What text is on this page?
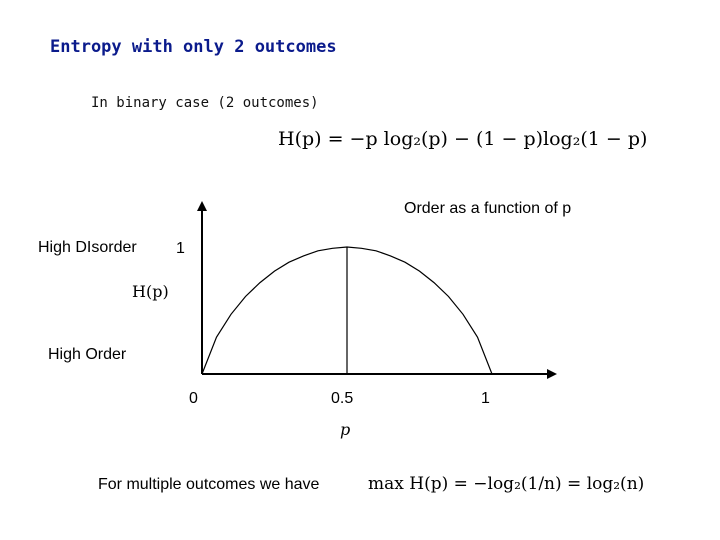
Entropy with only 2 outcomes
In binary case (2 outcomes)
H(p) = −p log₂(p) − (1 − p)log₂(1 − p)
Order as a function of p
High DIsorder 1
H(p)
High Order
0	0.5	1
p
For multiple outcomes we have	max H(p) = −log₂(1/n) = log₂(n)
